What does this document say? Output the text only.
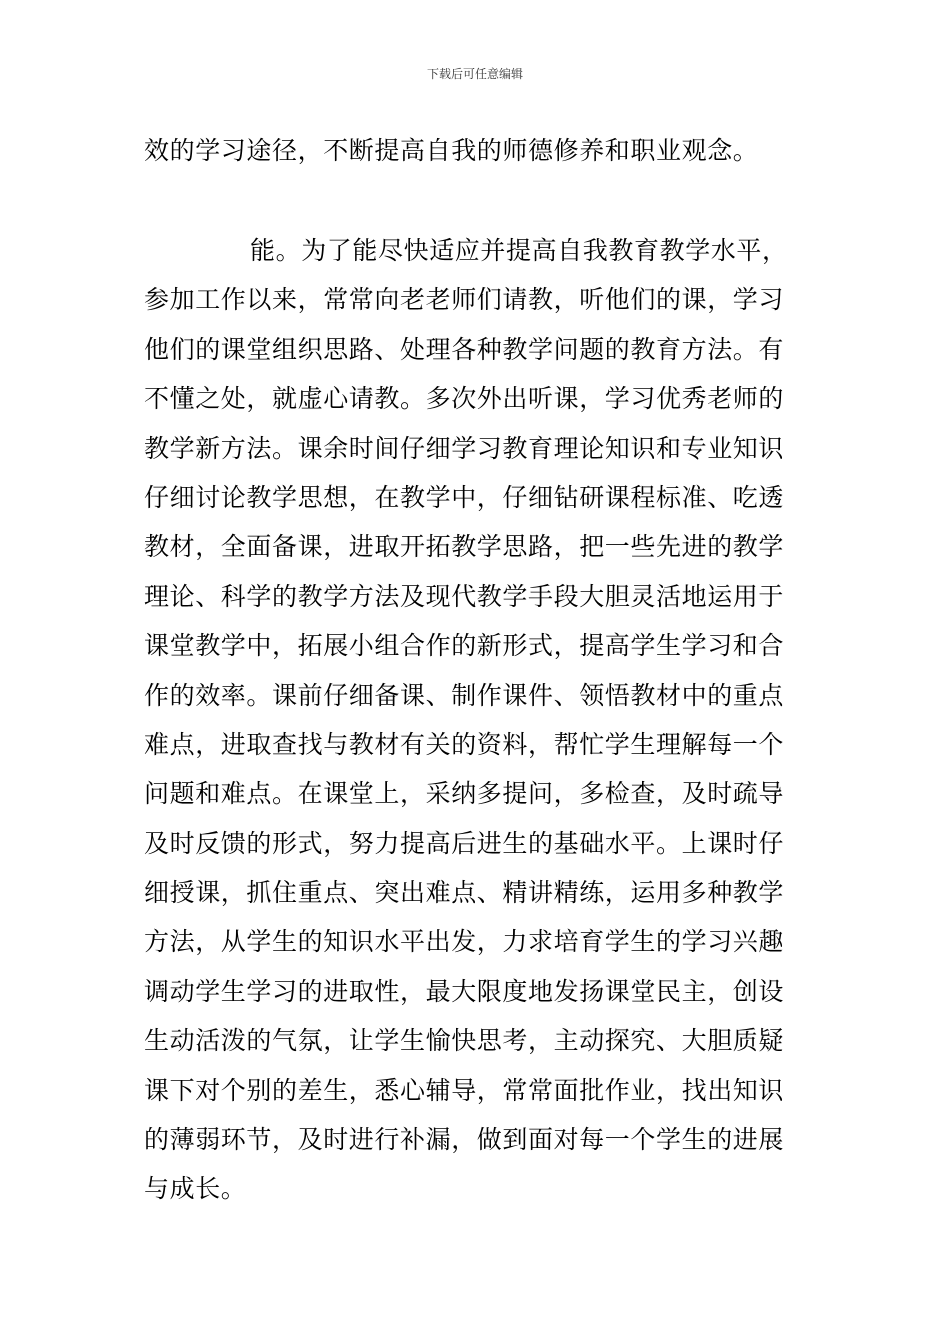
下载后可任意编辑
效的学习途径，不断提高自我的师德修养和职业观念。
能。为了能尽快适应并提高自我教育教学水平，
参加工作以来，常常向老老师们请教，听他们的课，学习
他们的课堂组织思路、处理各种教学问题的教育方法。有
不懂之处，就虚心请教。多次外出听课，学习优秀老师的
教学新方法。课余时间仔细学习教育理论知识和专业知识
仔细讨论教学思想，在教学中，仔细钻研课程标准、吃透
教材，全面备课，进取开拓教学思路，把一些先进的教学
理论、科学的教学方法及现代教学手段大胆灵活地运用于
课堂教学中，拓展小组合作的新形式，提高学生学习和合
作的效率。课前仔细备课、制作课件、领悟教材中的重点
难点，进取查找与教材有关的资料，帮忙学生理解每一个
问题和难点。在课堂上，采纳多提问，多检查，及时疏导
及时反馈的形式，努力提高后进生的基础水平。上课时仔
细授课，抓住重点、突出难点、精讲精练，运用多种教学
方法，从学生的知识水平出发，力求培育学生的学习兴趣
调动学生学习的进取性，最大限度地发扬课堂民主，创设
生动活泼的气氛，让学生愉快思考，主动探究、大胆质疑
课下对个别的差生，悉心辅导，常常面批作业，找出知识
的薄弱环节，及时进行补漏，做到面对每一个学生的进展
与成长。
